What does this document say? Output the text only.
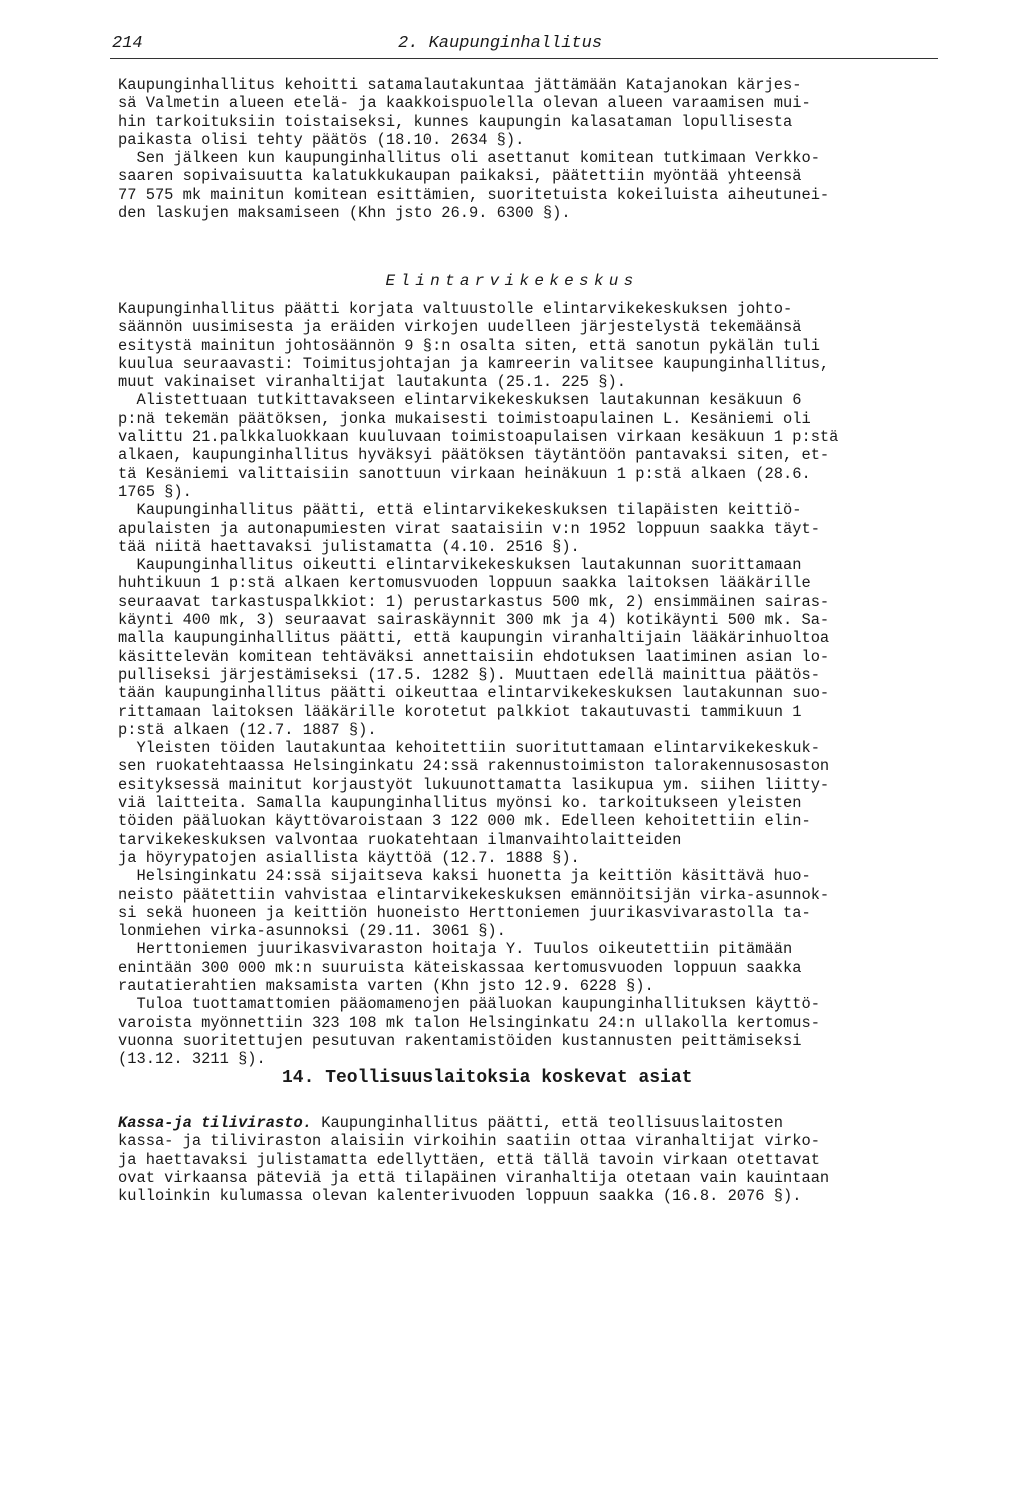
214	2. Kaupunginhallitus
Kaupunginhallitus kehoitti satamalautakuntaa jättämään Katajanokan kärjes-
sä Valmetin alueen etelä- ja kaakkoispuolella olevan alueen varaamisen mui-
hin tarkoituksiin toistaiseksi, kunnes kaupungin kalasataman lopullisesta
paikasta olisi tehty päätös (18.10. 2634 §).
Sen jälkeen kun kaupunginhallitus oli asettanut komitean tutkimaan Verkko-
saaren sopivaisuutta kalatukkukaupan paikaksi, päätettiin myöntää yhteensä
77 575 mk mainitun komitean esittämien, suoritetuista kokeiluista aiheutunei-
den laskujen maksamiseen (Khn jsto 26.9. 6300 §).
Elintarvikekeskus
Kaupunginhallitus päätti korjata valtuustolle elintarvikekeskuksen johto-
säännön uusimisesta ja eräiden virkojen uudelleen järjestelystä tekemäänsä
esitystä mainitun johtosäännön 9 §:n osalta siten, että sanotun pykälän tuli
kuulua seuraavasti: Toimitusjohtajan ja kamreerin valitsee kaupunginhallitus,
muut vakinaiset viranhaltijat lautakunta (25.1. 225 §).
Alistettuaan tutkittavakseen elintarvikekeskuksen lautakunnan kesäkuun 6
p:nä tekemän päätöksen, jonka mukaisesti toimistoapulainen L. Kesäniemi oli
valittu 21.palkkaluokkaan kuuluvaan toimistoapulaisen virkaan kesäkuun 1 p:stä
alkaen, kaupunginhallitus hyväksyi päätöksen täytäntöön pantavaksi siten, et-
tä Kesäniemi valittaisiin sanottuun virkaan heinäkuun 1 p:stä alkaen (28.6.
1765 §).
Kaupunginhallitus päätti, että elintarvikekeskuksen tilapäisten keittiö-
apulaisten ja autonapumiesten virat saataisiin v:n 1952 loppuun saakka täyt-
tää niitä haettavaksi julistamatta (4.10. 2516 §).
Kaupunginhallitus oikeutti elintarvikekeskuksen lautakunnan suorittamaan
huhtikuun 1 p:stä alkaen kertomusvuoden loppuun saakka laitoksen lääkärille
seuraavat tarkastuspalkkiot: 1) perustarkastus 500 mk, 2) ensimmäinen sairas-
käynti 400 mk, 3) seuraavat sairaskäynnit 300 mk ja 4) kotikäynti 500 mk. Sa-
malla kaupunginhallitus päätti, että kaupungin viranhaltijain lääkärinhuoltoa
käsittelevän komitean tehtäväksi annettaisiin ehdotuksen laatiminen asian lo-
pulliseksi järjestämiseksi (17.5. 1282 §). Muuttaen edellä mainittua päätös-
tään kaupunginhallitus päätti oikeuttaa elintarvikekeskuksen lautakunnan suo-
rittamaan laitoksen lääkärille korotetut palkkiot takautuvasti tammikuun 1
p:stä alkaen (12.7. 1887 §).
Yleisten töiden lautakuntaa kehoitettiin suorituttamaan elintarvikekeskuk-
sen ruokatehtaassa Helsinginkatu 24:ssä rakennustoimiston talorakennusosaston
esityksessä mainitut korjaustyöt lukuunottamatta lasikupua ym. siihen liitty-
viä laitteita. Samalla kaupunginhallitus myönsi ko. tarkoitukseen yleisten
töiden pääluokan käyttövaroistaan 3 122 000 mk. Edelleen kehoitettiin elin-
tarvikekeskuksen valvontaa ruokatehtaan ilmanvaihtolaitteiden
ja höyrypatojen asiallista käyttöä (12.7. 1888 §).
Helsinginkatu 24:ssä sijaitseva kaksi huonetta ja keittiön käsittävä huo-
neisto päätettiin vahvistaa elintarvikekeskuksen emännöitsijän virka-asunnok-
si sekä huoneen ja keittiön huoneisto Herttoniemen juurikasvivarastolla ta-
lonmiehen virka-asunnoksi (29.11. 3061 §).
Herttoniemen juurikasvivaraston hoitaja Y. Tuulos oikeutettiin pitämään
enintään 300 000 mk:n suuruista käteiskassaa kertomusvuoden loppuun saakka
rautatierahtien maksamista varten (Khn jsto 12.9. 6228 §).
Tuloa tuottamattomien pääomamenojen pääluokan kaupunginhallituksen käyttö-
varoista myönnettiin 323 108 mk talon Helsinginkatu 24:n ullakolla kertomus-
vuonna suoritettujen pesutuvan rakentamistöiden kustannusten peittämiseksi
(13.12. 3211 §).
14. Teollisuuslaitoksia koskevat asiat
Kassa-ja tilivirasto. Kaupunginhallitus päätti, että teollisuuslaitosten
kassa- ja tiliviraston alaisiin virkoihin saatiin ottaa viranhaltijat virko-
ja haettavaksi julistamatta edellyttäen, että tällä tavoin virkaan otettavat
ovat virkaansa päteviä ja että tilapäinen viranhaltija otetaan vain kauintaan
kulloinkin kulumassa olevan kalenterivuoden loppuun saakka (16.8. 2076 §).
